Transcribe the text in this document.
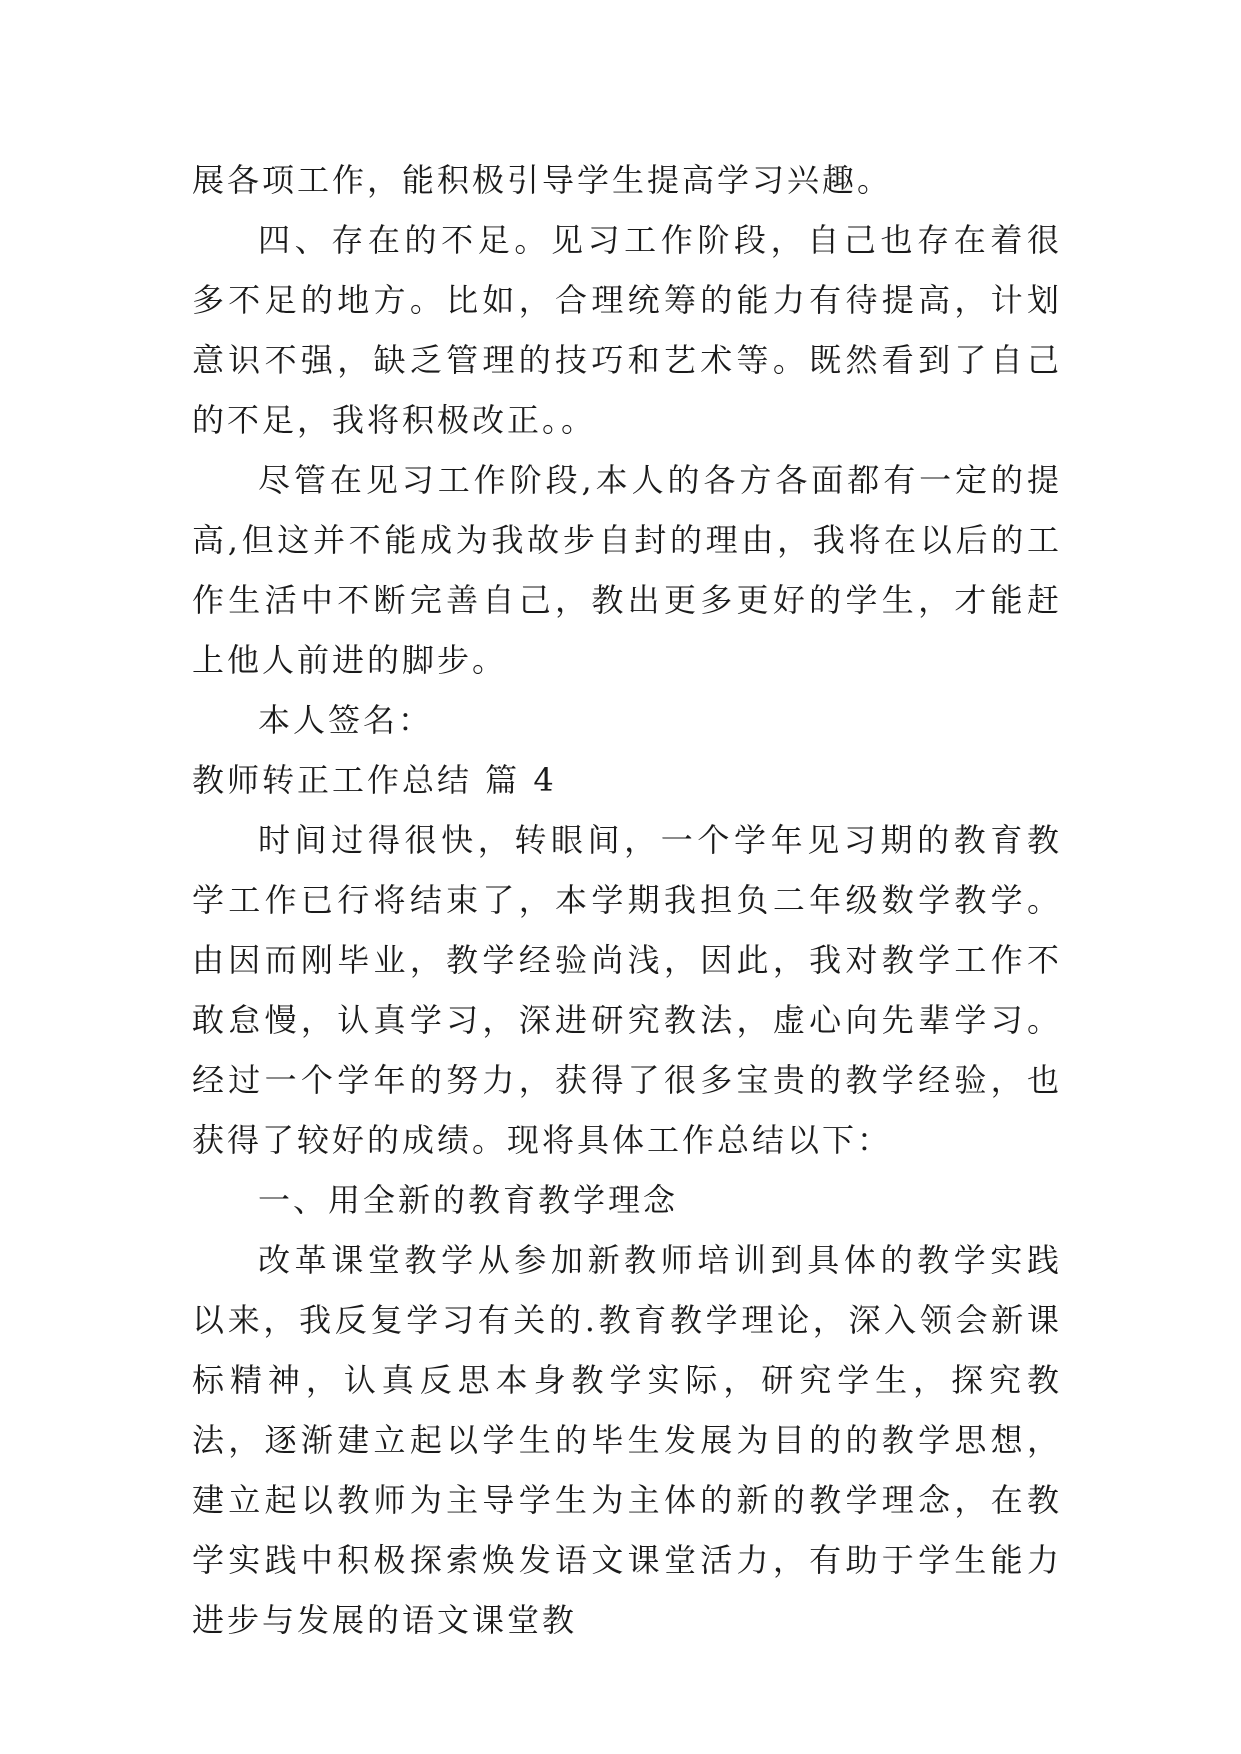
展各项工作，能积极引导学生提高学习兴趣。

四、存在的不足。见习工作阶段，自己也存在着很多不足的地方。比如，合理统筹的能力有待提高，计划意识不强，缺乏管理的技巧和艺术等。既然看到了自己的不足，我将积极改正。。

尽管在见习工作阶段,本人的各方各面都有一定的提高,但这并不能成为我故步自封的理由，我将在以后的工作生活中不断完善自己，教出更多更好的学生，才能赶上他人前进的脚步。

本人签名：

教师转正工作总结 篇 4

时间过得很快，转眼间，一个学年见习期的教育教学工作已行将结束了，本学期我担负二年级数学教学。由因而刚毕业，教学经验尚浅，因此，我对教学工作不敢怠慢，认真学习，深进研究教法，虚心向先辈学习。经过一个学年的努力，获得了很多宝贵的教学经验，也获得了较好的成绩。现将具体工作总结以下：

一、用全新的教育教学理念

改革课堂教学从参加新教师培训到具体的教学实践以来，我反复学习有关的.教育教学理论，深入领会新课标精神，认真反思本身教学实际，研究学生，探究教法，逐渐建立起以学生的毕生发展为目的的教学思想，建立起以教师为主导学生为主体的新的教学理念，在教学实践中积极探索焕发语文课堂活力，有助于学生能力进步与发展的语文课堂教
